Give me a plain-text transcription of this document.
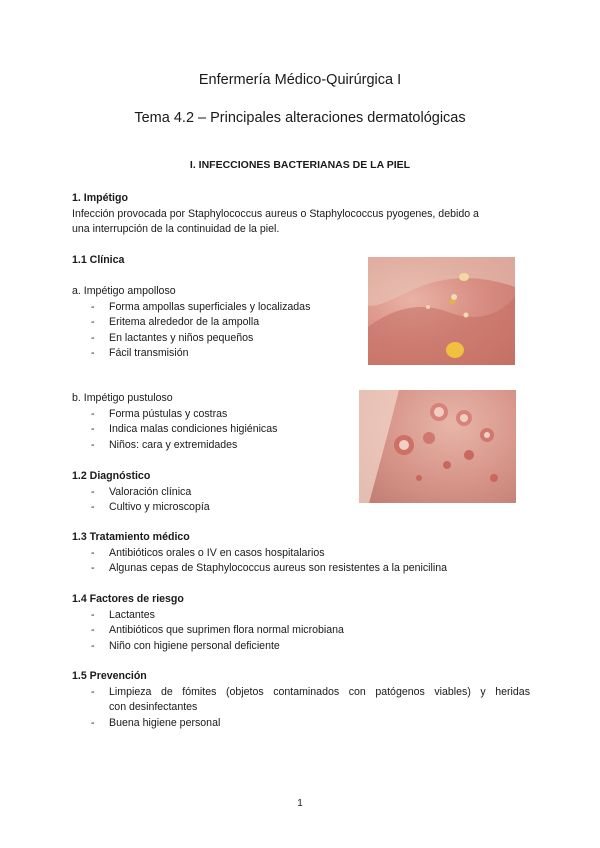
Enfermería Médico-Quirúrgica I
Tema 4.2 – Principales alteraciones dermatológicas
I. INFECCIONES BACTERIANAS DE LA PIEL
1. Impétigo
Infección provocada por Staphylococcus aureus o Staphylococcus pyogenes, debido a
una interrupción de la continuidad de la piel.
1.1 Clínica
a. Impétigo ampolloso
- Forma ampollas superficiales y localizadas
- Eritema alrededor de la ampolla
- En lactantes y niños pequeños
- Fácil transmisión
b. Impétigo pustuloso
- Forma pústulas y costras
- Indica malas condiciones higiénicas
- Niños: cara y extremidades
1.2 Diagnóstico
- Valoración clínica
- Cultivo y microscopía
1.3 Tratamiento médico
- Antibióticos orales o IV en casos hospitalarios
- Algunas cepas de Staphylococcus aureus son resistentes a la penicilina
1.4 Factores de riesgo
- Lactantes
- Antibióticos que suprimen flora normal microbiana
- Niño con higiene personal deficiente
1.5 Prevención
- Limpieza de fómites (objetos contaminados con patógenos viables) y heridas
con desinfectantes
- Buena higiene personal
1
